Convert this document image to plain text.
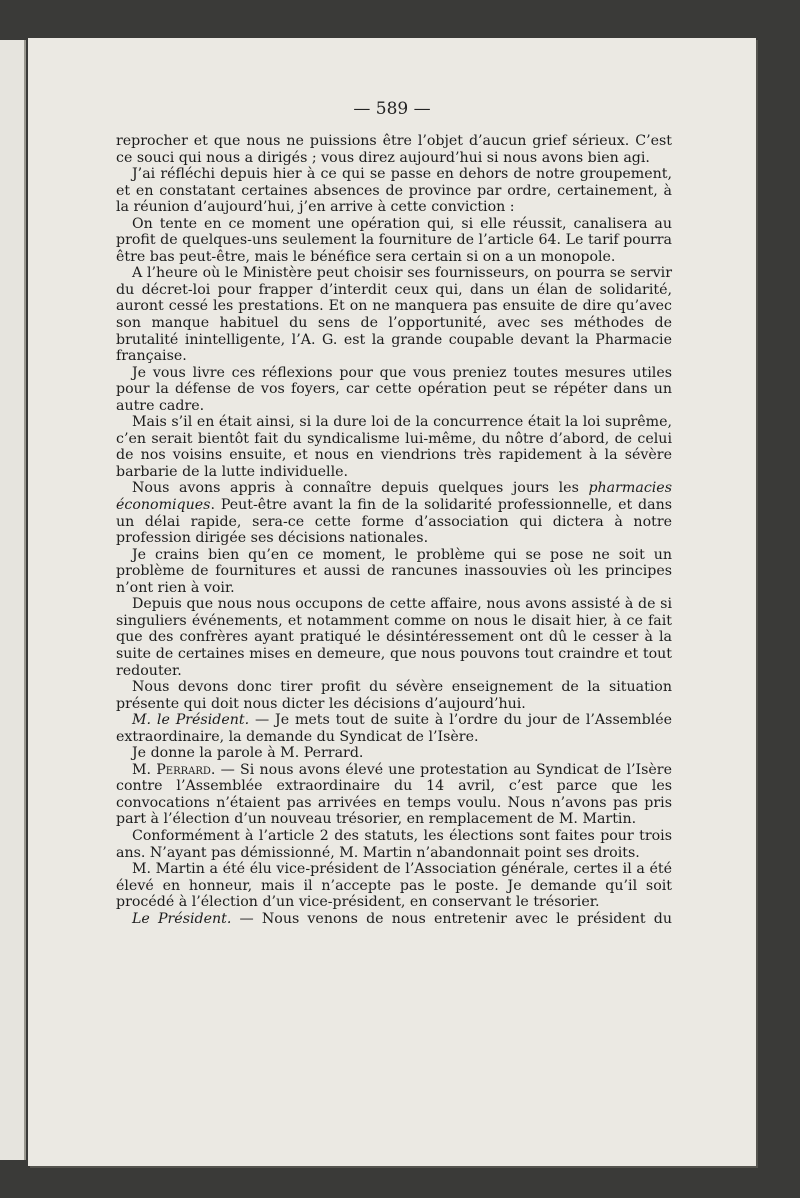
— 589 —

reprocher et que nous ne puissions être l’objet d’aucun grief sérieux. C’est ce souci qui nous a dirigés ; vous direz aujourd’hui si nous avons bien agi.

J’ai réfléchi depuis hier à ce qui se passe en dehors de notre groupement, et en constatant certaines absences de province par ordre, certainement, à la réunion d’aujourd’hui, j’en arrive à cette conviction :

On tente en ce moment une opération qui, si elle réussit, canalisera au profit de quelques-uns seulement la fourniture de l’article 64. Le tarif pourra être bas peut-être, mais le bénéfice sera certain si on a un monopole.

A l’heure où le Ministère peut choisir ses fournisseurs, on pourra se servir du décret-loi pour frapper d’interdit ceux qui, dans un élan de solidarité, auront cessé les prestations. Et on ne manquera pas ensuite de dire qu’avec son manque habituel du sens de l’opportunité, avec ses méthodes de brutalité inintelligente, l’A. G. est la grande coupable devant la Pharmacie française.

Je vous livre ces réflexions pour que vous preniez toutes mesures utiles pour la défense de vos foyers, car cette opération peut se répéter dans un autre cadre.

Mais s’il en était ainsi, si la dure loi de la concurrence était la loi suprême, c’en serait bientôt fait du syndicalisme lui-même, du nôtre d’abord, de celui de nos voisins ensuite, et nous en viendrions très rapidement à la sévère barbarie de la lutte individuelle.

Nous avons appris à connaître depuis quelques jours les pharmacies économiques. Peut-être avant la fin de la solidarité professionnelle, et dans un délai rapide, sera-ce cette forme d’association qui dictera à notre profession dirigée ses décisions nationales.

Je crains bien qu’en ce moment, le problème qui se pose ne soit un problème de fournitures et aussi de rancunes inassouvies où les principes n’ont rien à voir.

Depuis que nous nous occupons de cette affaire, nous avons assisté à de si singuliers événements, et notamment comme on nous le disait hier, à ce fait que des confrères ayant pratiqué le désintéressement ont dû le cesser à la suite de certaines mises en demeure, que nous pouvons tout craindre et tout redouter.

Nous devons donc tirer profit du sévère enseignement de la situation présente qui doit nous dicter les décisions d’aujourd’hui.

M. le Président. — Je mets tout de suite à l’ordre du jour de l’Assemblée extraordinaire, la demande du Syndicat de l’Isère.

Je donne la parole à M. Perrard.

M. Perrard. — Si nous avons élevé une protestation au Syndicat de l’Isère contre l’Assemblée extraordinaire du 14 avril, c’est parce que les convocations n’étaient pas arrivées en temps voulu. Nous n’avons pas pris part à l’élection d’un nouveau trésorier, en remplacement de M. Martin.

Conformément à l’article 2 des statuts, les élections sont faites pour trois ans. N’ayant pas démissionné, M. Martin n’abandonnait point ses droits.

M. Martin a été élu vice-président de l’Association générale, certes il a été élevé en honneur, mais il n’accepte pas le poste. Je demande qu’il soit procédé à l’élection d’un vice-président, en conservant le trésorier.

Le Président. — Nous venons de nous entretenir avec le président du
